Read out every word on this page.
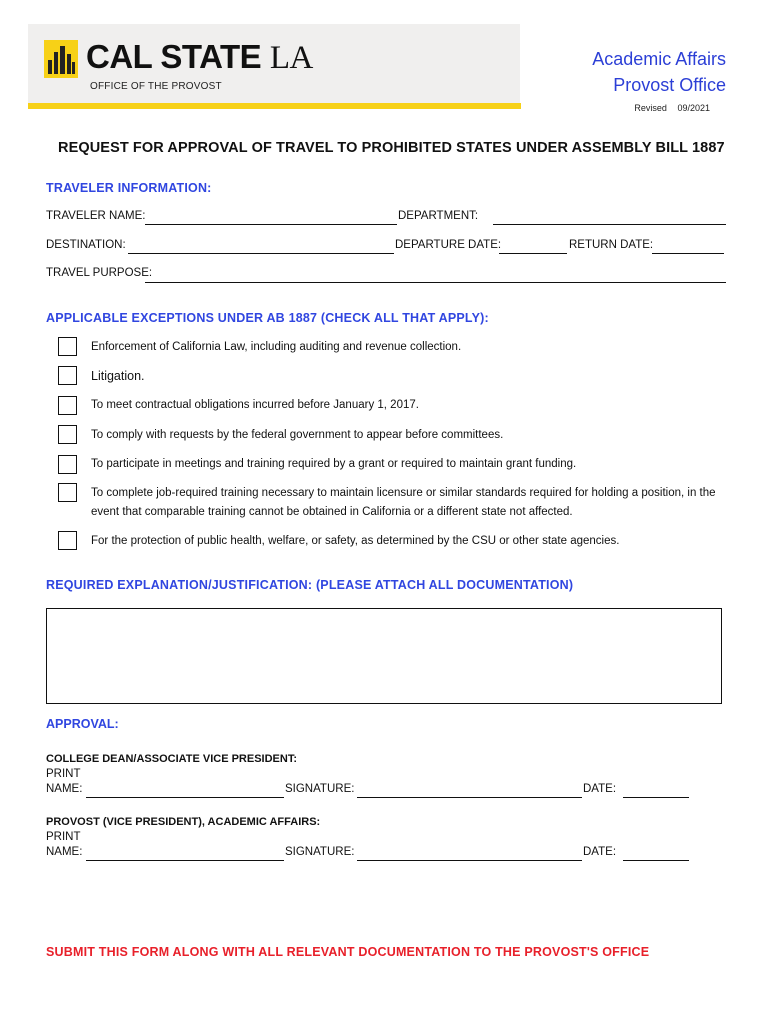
CAL STATE LA
OFFICE OF THE PROVOST
Academic Affairs
Provost Office
Revised 09/2021
REQUEST FOR APPROVAL OF TRAVEL TO PROHIBITED STATES UNDER ASSEMBLY BILL 1887
TRAVELER INFORMATION:
TRAVELER NAME:	DEPARTMENT:
DESTINATION:	DEPARTURE DATE:	RETURN DATE:
TRAVEL PURPOSE:
APPLICABLE EXCEPTIONS UNDER AB 1887 (CHECK ALL THAT APPLY):
Enforcement of California Law, including auditing and revenue collection.
Litigation.
To meet contractual obligations incurred before January 1, 2017.
To comply with requests by the federal government to appear before committees.
To participate in meetings and training required by a grant or required to maintain grant funding.
To complete job-required training necessary to maintain licensure or similar standards required for holding a position, in the event that comparable training cannot be obtained in California or a different state not affected.
For the protection of public health, welfare, or safety, as determined by the CSU or other state agencies.
REQUIRED EXPLANATION/JUSTIFICATION: (PLEASE ATTACH ALL DOCUMENTATION)
APPROVAL:
COLLEGE DEAN/ASSOCIATE VICE PRESIDENT:
PRINT
NAME:	SIGNATURE:	DATE:
PROVOST (VICE PRESIDENT), ACADEMIC AFFAIRS:
PRINT
NAME:	SIGNATURE:	DATE:
SUBMIT THIS FORM ALONG WITH ALL RELEVANT DOCUMENTATION TO THE PROVOST'S OFFICE
